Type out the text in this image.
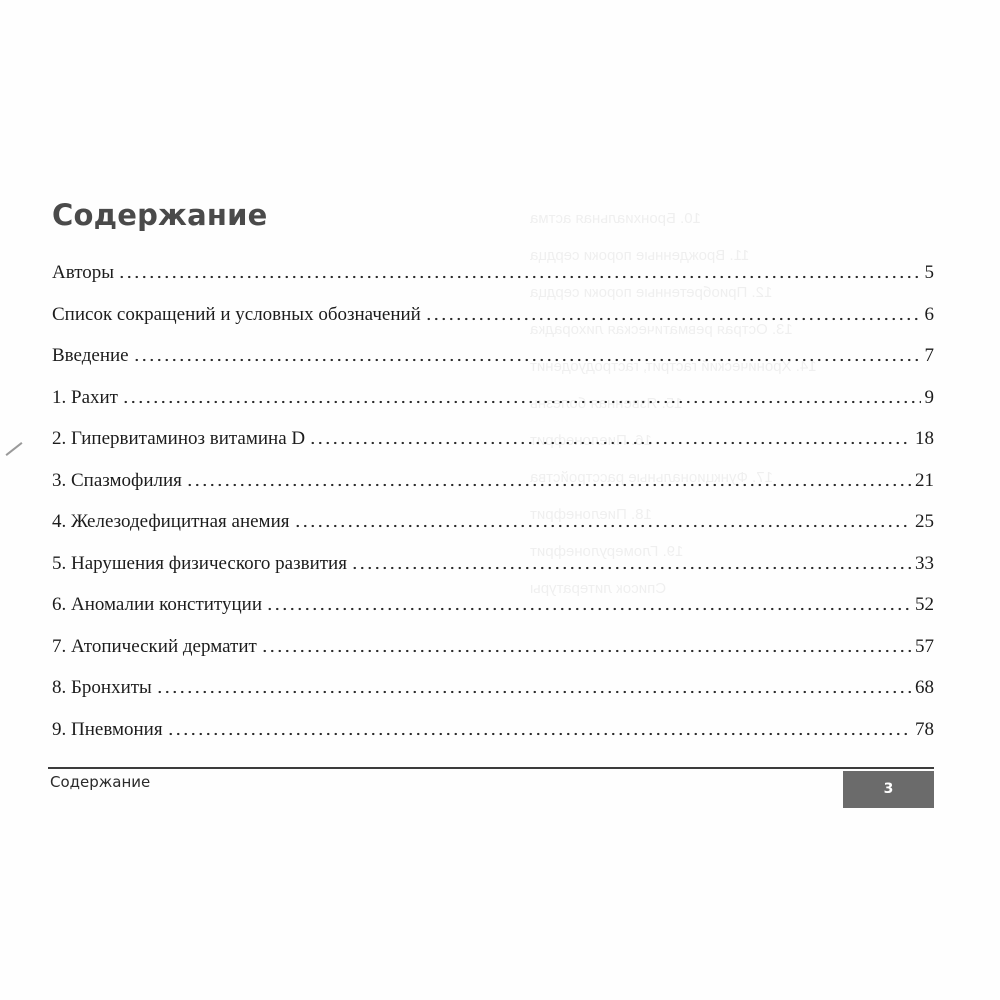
10. Бронхиальная астма
11. Врожденные пороки сердца
12. Приобретенные пороки сердца
13. Острая ревматическая лихорадка
14. Хронический гастрит, гастродуоденит
17. Функциональные расстройства
18. Пиелонефрит
19. Гломерулонефрит
Список литературы
Содержание
Авторы	5
Список сокращений и условных обозначений	6
Введение	7
1. Рахит	9
2. Гипервитаминоз витамина D	18
3. Спазмофилия	21
4. Железодефицитная анемия	25
5. Нарушения физического развития	33
6. Аномалии конституции	52
7. Атопический дерматит	57
8. Бронхиты	68
9. Пневмония	78
Содержание	3
